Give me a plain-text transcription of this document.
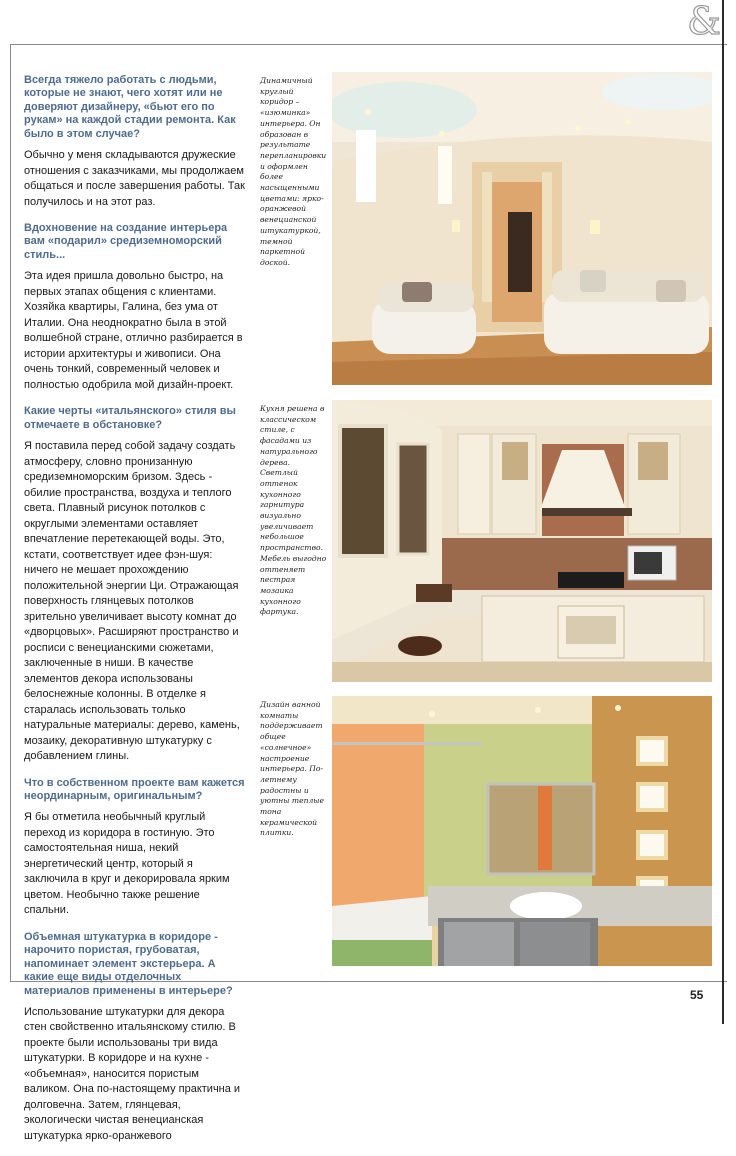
&

Всегда тяжело работать с людьми, которые не знают, чего хотят или не доверяют дизайнеру, «бьют его по рукам» на каждой стадии ремонта. Как было в этом случае?

Обычно у меня складываются дружеские отношения с заказчиками, мы продолжаем общаться и после завершения работы. Так получилось и на этот раз.

Вдохновение на создание интерьера вам «подарил» средиземноморский стиль...

Эта идея пришла довольно быстро, на первых этапах общения с клиентами. Хозяйка квартиры, Галина, без ума от Италии. Она неоднократно была в этой волшебной стране, отлично разбирается в истории архитектуры и живописи. Она очень тонкий, современный человек и полностью одобрила мой дизайн-проект.

Какие черты «итальянского» стиля вы отмечаете в обстановке?

Я поставила перед собой задачу создать атмосферу, словно пронизанную средиземноморским бризом. Здесь - обилие пространства, воздуха и теплого света. Плавный рисунок потолков с округлыми элементами оставляет впечатление перетекающей воды. Это, кстати, соответствует идее фэн-шуя: ничего не мешает прохождению положительной энергии Ци. Отражающая поверхность глянцевых потолков зрительно увеличивает высоту комнат до «дворцовых». Расширяют пространство и росписи с венецианскими сюжетами, заключенные в ниши. В качестве элементов декора использованы белоснежные колонны. В отделке я старалась использовать только натуральные материалы: дерево, камень, мозаику, декоративную штукатурку с добавлением глины.

Что в собственном проекте вам кажется неординарным, оригинальным?

Я бы отметила необычный круглый переход из коридора в гостиную. Это самостоятельная ниша, некий энергетический центр, который я заключила в круг и декорировала ярким цветом. Необычно также решение спальни.

Объемная штукатурка в коридоре - нарочито пористая, грубоватая, напоминает элемент экстерьера. А какие еще виды отделочных материалов применены в интерьере?

Использование штукатурки для декора стен свойственно итальянскому стилю. В проекте были использованы три вида штукатурки. В коридоре и на кухне - «объемная», наносится пористым валиком. Она по-настоящему практична и долговечна. Затем, глянцевая, экологически чистая венецианская штукатурка ярко-оранжевого

Динамичный круглый коридор – «изюминка» интерьера. Он образован в результате перепланировки и оформлен более насыщенными цветами: ярко-оранжевой венецианской штукатуркой, темной паркетной доской.
Кухня решена в классическом стиле, с фасадами из натурального дерева. Светлый оттенок кухонного гарнитура визуально увеличивает небольшое пространство. Мебель выгодно оттеняет пестрая мозаика кухонного фартука.
Дизайн ванной комнаты поддерживает общее «солнечное» настроение интерьера. По-летнему радостны и уютны теплые тона керамической плитки.
55
